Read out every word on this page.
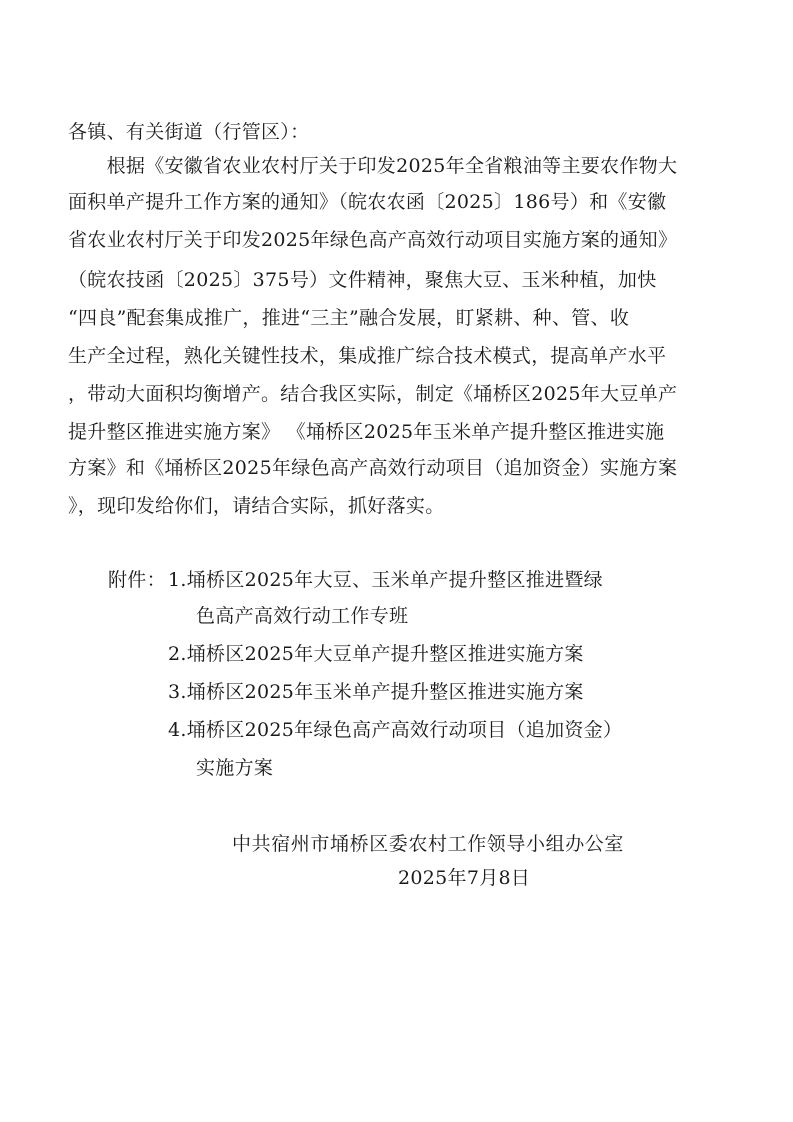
各镇、有关街道（行管区）：
　　根据《安徽省农业农村厅关于印发2025年全省粮油等主要农作物大
面积单产提升工作方案的通知》（皖农农函〔2025〕186号）和《安徽
省农业农村厅关于印发2025年绿色高产高效行动项目实施方案的通知》
（皖农技函〔2025〕375号）文件精神，聚焦大豆、玉米种植，加快
“四良”配套集成推广，推进“三主”融合发展，盯紧耕、种、管、收
生产全过程，熟化关键性技术，集成推广综合技术模式，提高单产水平
，带动大面积均衡增产。结合我区实际，制定《埇桥区2025年大豆单产
提升整区推进实施方案》 《埇桥区2025年玉米单产提升整区推进实施
方案》和《埇桥区2025年绿色高产高效行动项目（追加资金）实施方案
》，现印发给你们，请结合实际，抓好落实。
附件： 1.埇桥区2025年大豆、玉米单产提升整区推进暨绿
色高产高效行动工作专班
2.埇桥区2025年大豆单产提升整区推进实施方案
3.埇桥区2025年玉米单产提升整区推进实施方案
4.埇桥区2025年绿色高产高效行动项目（追加资金）
实施方案
中共宿州市埇桥区委农村工作领导小组办公室
2025年7月8日
